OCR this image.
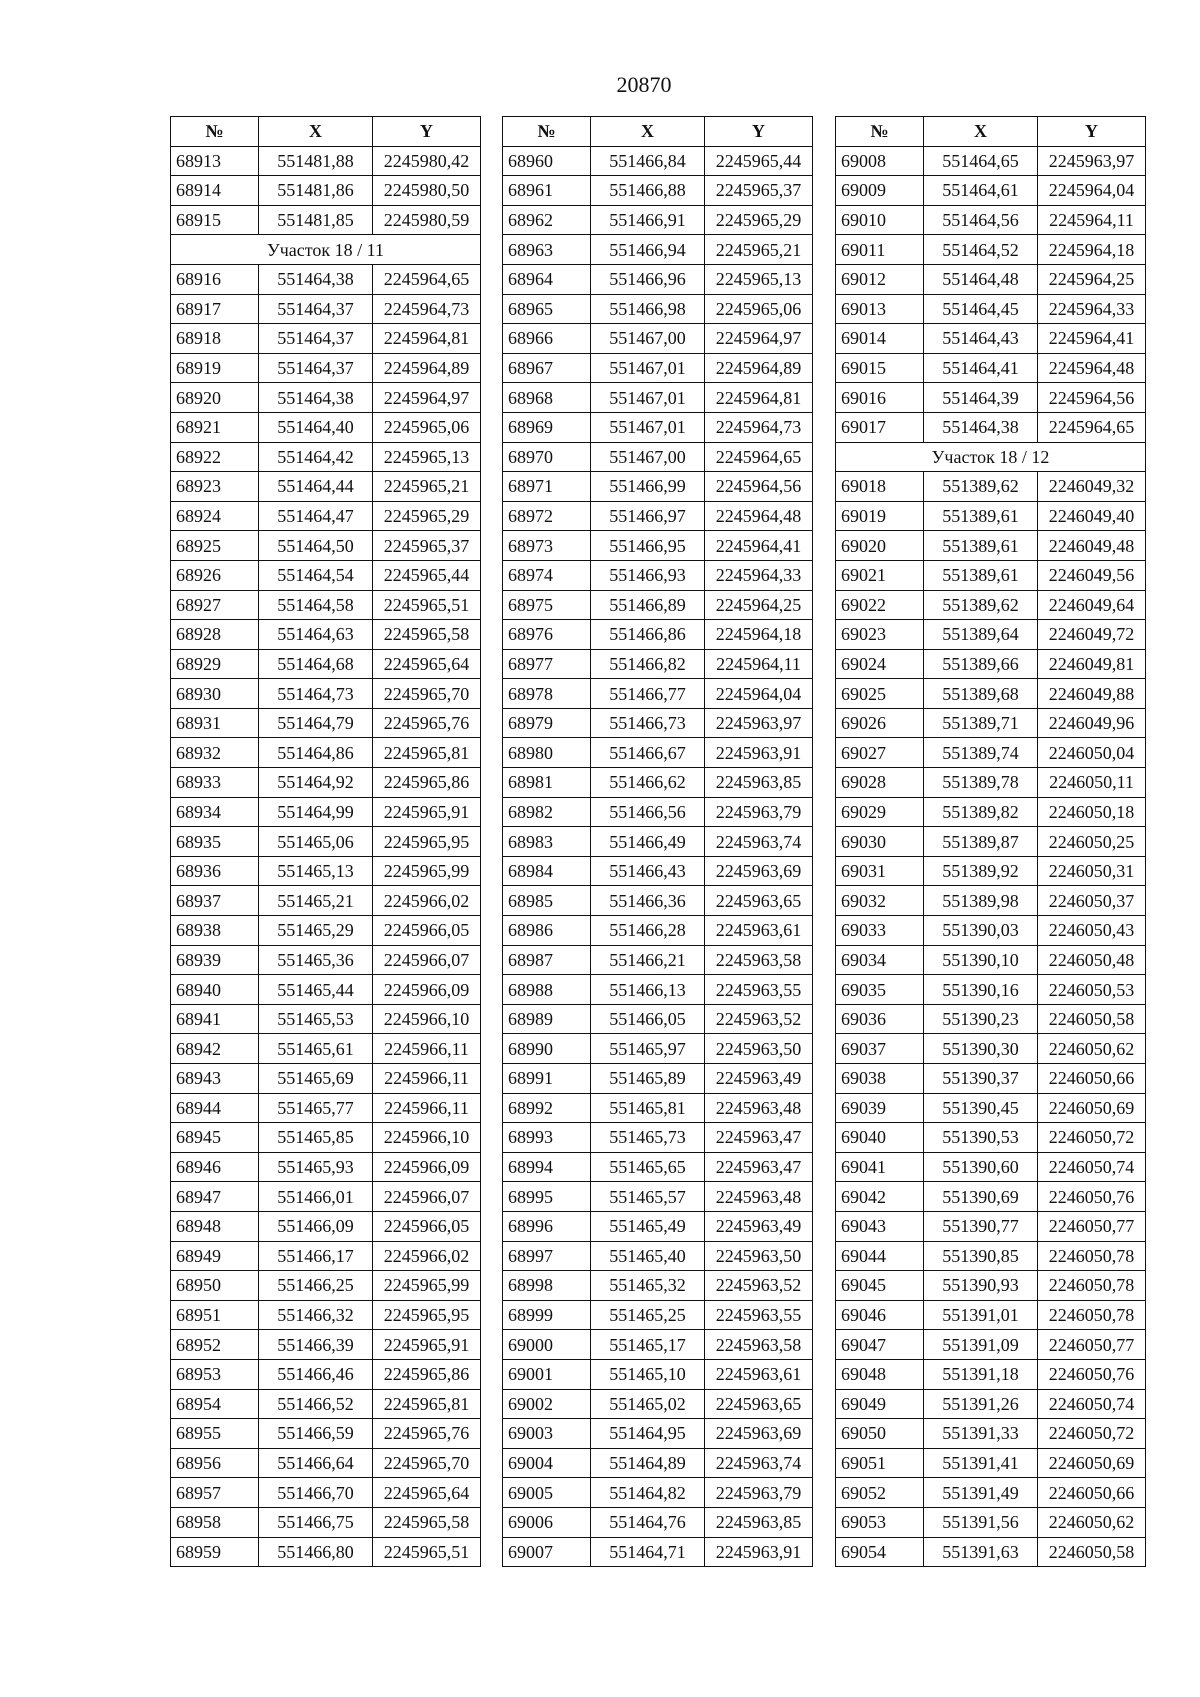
20870
№	X	Y
68913	551481,88	2245980,42
68914	551481,86	2245980,50
68915	551481,85	2245980,59
Участок 18 / 11		
68916	551464,38	2245964,65
68917	551464,37	2245964,73
68918	551464,37	2245964,81
68919	551464,37	2245964,89
68920	551464,38	2245964,97
68921	551464,40	2245965,06
68922	551464,42	2245965,13
68923	551464,44	2245965,21
68924	551464,47	2245965,29
68925	551464,50	2245965,37
68926	551464,54	2245965,44
68927	551464,58	2245965,51
68928	551464,63	2245965,58
68929	551464,68	2245965,64
68930	551464,73	2245965,70
68931	551464,79	2245965,76
68932	551464,86	2245965,81
68933	551464,92	2245965,86
68934	551464,99	2245965,91
68935	551465,06	2245965,95
68936	551465,13	2245965,99
68937	551465,21	2245966,02
68938	551465,29	2245966,05
68939	551465,36	2245966,07
68940	551465,44	2245966,09
68941	551465,53	2245966,10
68942	551465,61	2245966,11
68943	551465,69	2245966,11
68944	551465,77	2245966,11
68945	551465,85	2245966,10
68946	551465,93	2245966,09
68947	551466,01	2245966,07
68948	551466,09	2245966,05
68949	551466,17	2245966,02
68950	551466,25	2245965,99
68951	551466,32	2245965,95
68952	551466,39	2245965,91
68953	551466,46	2245965,86
68954	551466,52	2245965,81
68955	551466,59	2245965,76
68956	551466,64	2245965,70
68957	551466,70	2245965,64
68958	551466,75	2245965,58
68959	551466,80	2245965,51
№	X	Y
68960	551466,84	2245965,44
68961	551466,88	2245965,37
68962	551466,91	2245965,29
68963	551466,94	2245965,21
68964	551466,96	2245965,13
68965	551466,98	2245965,06
68966	551467,00	2245964,97
68967	551467,01	2245964,89
68968	551467,01	2245964,81
68969	551467,01	2245964,73
68970	551467,00	2245964,65
68971	551466,99	2245964,56
68972	551466,97	2245964,48
68973	551466,95	2245964,41
68974	551466,93	2245964,33
68975	551466,89	2245964,25
68976	551466,86	2245964,18
68977	551466,82	2245964,11
68978	551466,77	2245964,04
68979	551466,73	2245963,97
68980	551466,67	2245963,91
68981	551466,62	2245963,85
68982	551466,56	2245963,79
68983	551466,49	2245963,74
68984	551466,43	2245963,69
68985	551466,36	2245963,65
68986	551466,28	2245963,61
68987	551466,21	2245963,58
68988	551466,13	2245963,55
68989	551466,05	2245963,52
68990	551465,97	2245963,50
68991	551465,89	2245963,49
68992	551465,81	2245963,48
68993	551465,73	2245963,47
68994	551465,65	2245963,47
68995	551465,57	2245963,48
68996	551465,49	2245963,49
68997	551465,40	2245963,50
68998	551465,32	2245963,52
68999	551465,25	2245963,55
69000	551465,17	2245963,58
69001	551465,10	2245963,61
69002	551465,02	2245963,65
69003	551464,95	2245963,69
69004	551464,89	2245963,74
69005	551464,82	2245963,79
69006	551464,76	2245963,85
69007	551464,71	2245963,91
№	X	Y
69008	551464,65	2245963,97
69009	551464,61	2245964,04
69010	551464,56	2245964,11
69011	551464,52	2245964,18
69012	551464,48	2245964,25
69013	551464,45	2245964,33
69014	551464,43	2245964,41
69015	551464,41	2245964,48
69016	551464,39	2245964,56
69017	551464,38	2245964,65
Участок 18 / 12		
69018	551389,62	2246049,32
69019	551389,61	2246049,40
69020	551389,61	2246049,48
69021	551389,61	2246049,56
69022	551389,62	2246049,64
69023	551389,64	2246049,72
69024	551389,66	2246049,81
69025	551389,68	2246049,88
69026	551389,71	2246049,96
69027	551389,74	2246050,04
69028	551389,78	2246050,11
69029	551389,82	2246050,18
69030	551389,87	2246050,25
69031	551389,92	2246050,31
69032	551389,98	2246050,37
69033	551390,03	2246050,43
69034	551390,10	2246050,48
69035	551390,16	2246050,53
69036	551390,23	2246050,58
69037	551390,30	2246050,62
69038	551390,37	2246050,66
69039	551390,45	2246050,69
69040	551390,53	2246050,72
69041	551390,60	2246050,74
69042	551390,69	2246050,76
69043	551390,77	2246050,77
69044	551390,85	2246050,78
69045	551390,93	2246050,78
69046	551391,01	2246050,78
69047	551391,09	2246050,77
69048	551391,18	2246050,76
69049	551391,26	2246050,74
69050	551391,33	2246050,72
69051	551391,41	2246050,69
69052	551391,49	2246050,66
69053	551391,56	2246050,62
69054	551391,63	2246050,58
